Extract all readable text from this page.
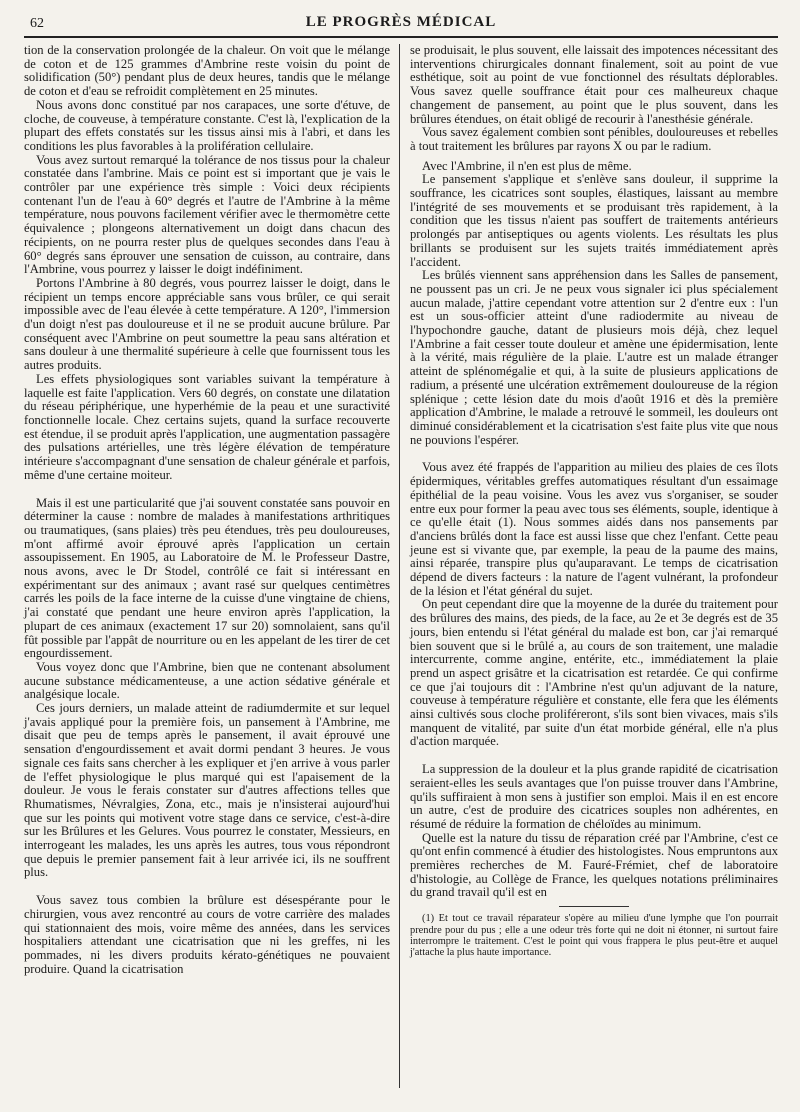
62	LE PROGRÈS MÉDICAL

tion de la conservation prolongée de la chaleur. On voit que le mélange de coton et de 125 grammes d'Ambrine reste voisin du point de solidification (50°) pendant plus de deux heures, tandis que le mélange de coton et d'eau se refroidit complètement en 25 minutes.

Nous avons donc constitué par nos carapaces, une sorte d'étuve, de cloche, de couveuse, à température constante. C'est là, l'explication de la plupart des effets constatés sur les tissus ainsi mis à l'abri, et dans les conditions les plus favorables à la prolifération cellulaire.

Vous avez surtout remarqué la tolérance de nos tissus pour la chaleur constatée dans l'ambrine. Mais ce point est si important que je vais le contrôler par une expérience très simple : Voici deux récipients contenant l'un de l'eau à 60° degrés et l'autre de l'Ambrine à la même température, nous pouvons facilement vérifier avec le thermomètre cette équivalence ; plongeons alternativement un doigt dans chacun des récipients, on ne pourra rester plus de quelques secondes dans l'eau à 60° degrés sans éprouver une sensation de cuisson, au contraire, dans l'Ambrine, vous pourrez y laisser le doigt indéfiniment.

Portons l'Ambrine à 80 degrés, vous pourrez laisser le doigt, dans le récipient un temps encore appréciable sans vous brûler, ce qui serait impossible avec de l'eau élevée à cette température. A 120°, l'immersion d'un doigt n'est pas douloureuse et il ne se produit aucune brûlure. Par conséquent avec l'Ambrine on peut soumettre la peau sans altération et sans douleur à une thermalité supérieure à celle que fournissent tous les autres produits.

Les effets physiologiques sont variables suivant la température à laquelle est faite l'application. Vers 60 degrés, on constate une dilatation du réseau périphérique, une hyperhémie de la peau et une suractivité fonctionnelle locale. Chez certains sujets, quand la surface recouverte est étendue, il se produit après l'application, une augmentation passagère des pulsations artérielles, une très légère élévation de température intérieure s'accompagnant d'une sensation de chaleur générale et parfois, même d'une certaine moiteur.

Mais il est une particularité que j'ai souvent constatée sans pouvoir en déterminer la cause : nombre de malades à manifestations arthritiques ou traumatiques, (sans plaies) très peu étendues, très peu douloureuses, m'ont affirmé avoir éprouvé après l'application un certain assoupissement. En 1905, au Laboratoire de M. le Professeur Dastre, nous avons, avec le Dr Stodel, contrôlé ce fait si intéressant en expérimentant sur des animaux ; avant rasé sur quelques centimètres carrés les poils de la face interne de la cuisse d'une vingtaine de chiens, j'ai constaté que pendant une heure environ après l'application, la plupart de ces animaux (exactement 17 sur 20) somnolaient, sans qu'il fût possible par l'appât de nourriture ou en les appelant de les tirer de cet engourdissement.

Vous voyez donc que l'Ambrine, bien que ne contenant absolument aucune substance médicamenteuse, a une action sédative générale et analgésique locale.

Ces jours derniers, un malade atteint de radiumdermite et sur lequel j'avais appliqué pour la première fois, un pansement à l'Ambrine, me disait que peu de temps après le pansement, il avait éprouvé une sensation d'engourdissement et avait dormi pendant 3 heures. Je vous signale ces faits sans chercher à les expliquer et j'en arrive à vous parler de l'effet physiologique le plus marqué qui est l'apaisement de la douleur. Je vous le ferais constater sur d'autres affections telles que Rhumatismes, Névralgies, Zona, etc., mais je n'insisterai aujourd'hui que sur les points qui motivent votre stage dans ce service, c'est-à-dire sur les Brûlures et les Gelures. Vous pourrez le constater, Messieurs, en interrogeant les malades, les uns après les autres, tous vous répondront que depuis le premier pansement fait à leur arrivée ici, ils ne souffrent plus.

Vous savez tous combien la brûlure est désespérante pour le chirurgien, vous avez rencontré au cours de votre carrière des malades qui stationnaient des mois, voire même des années, dans les services hospitaliers attendant une cicatrisation que ni les greffes, ni les pommades, ni les divers produits kérato-génétiques ne pouvaient produire. Quand la cicatrisation

se produisait, le plus souvent, elle laissait des impotences nécessitant des interventions chirurgicales donnant finalement, soit au point de vue esthétique, soit au point de vue fonctionnel des résultats déplorables. Vous savez quelle souffrance était pour ces malheureux chaque changement de pansement, au point que le plus souvent, dans les brûlures étendues, on était obligé de recourir à l'anesthésie générale.

Vous savez également combien sont pénibles, douloureuses et rebelles à tout traitement les brûlures par rayons X ou par le radium.

Avec l'Ambrine, il n'en est plus de même.

Le pansement s'applique et s'enlève sans douleur, il supprime la souffrance, les cicatrices sont souples, élastiques, laissant au membre l'intégrité de ses mouvements et se produisant très rapidement, à la condition que les tissus n'aient pas souffert de traitements antérieurs prolongés par antiseptiques ou agents violents. Les résultats les plus brillants se produisent sur les sujets traités immédiatement après l'accident.

Les brûlés viennent sans appréhension dans les Salles de pansement, ne poussent pas un cri. Je ne peux vous signaler ici plus spécialement aucun malade, j'attire cependant votre attention sur 2 d'entre eux : l'un est un sous-officier atteint d'une radiodermite au niveau de l'hypochondre gauche, datant de plusieurs mois déjà, chez lequel l'Ambrine a fait cesser toute douleur et amène une épidermisation, lente à la vérité, mais régulière de la plaie. L'autre est un malade étranger atteint de splénomégalie et qui, à la suite de plusieurs applications de radium, a présenté une ulcération extrêmement douloureuse de la région splénique ; cette lésion date du mois d'août 1916 et dès la première application d'Ambrine, le malade a retrouvé le sommeil, les douleurs ont diminué considérablement et la cicatrisation s'est faite plus vite que nous ne pouvions l'espérer.

Vous avez été frappés de l'apparition au milieu des plaies de ces îlots épidermiques, véritables greffes automatiques résultant d'un essaimage épithélial de la peau voisine. Vous les avez vus s'organiser, se souder entre eux pour former la peau avec tous ses éléments, souple, identique à ce qu'elle était (1). Nous sommes aidés dans nos pansements par d'anciens brûlés dont la face est aussi lisse que chez l'enfant. Cette peau jeune est si vivante que, par exemple, la peau de la paume des mains, ainsi réparée, transpire plus qu'auparavant. Le temps de cicatrisation dépend de divers facteurs : la nature de l'agent vulnérant, la profondeur de la lésion et l'état général du sujet.

On peut cependant dire que la moyenne de la durée du traitement pour des brûlures des mains, des pieds, de la face, au 2e et 3e degrés est de 35 jours, bien entendu si l'état général du malade est bon, car j'ai remarqué bien souvent que si le brûlé a, au cours de son traitement, une maladie intercurrente, comme angine, entérite, etc., immédiatement la plaie prend un aspect grisâtre et la cicatrisation est retardée. Ce qui confirme ce que j'ai toujours dit : l'Ambrine n'est qu'un adjuvant de la nature, couveuse à température régulière et constante, elle fera que les éléments ainsi cultivés sous cloche proliféreront, s'ils sont bien vivaces, mais s'ils manquent de vitalité, par suite d'un état morbide général, elle n'a plus d'action marquée.

La suppression de la douleur et la plus grande rapidité de cicatrisation seraient-elles les seuls avantages que l'on puisse trouver dans l'Ambrine, qu'ils suffiraient à mon sens à justifier son emploi. Mais il en est encore un autre, c'est de produire des cicatrices souples non adhérentes, en résumé de réduire la formation de chéloïdes au minimum.

Quelle est la nature du tissu de réparation créé par l'Ambrine, c'est ce qu'ont enfin commencé à étudier des histologistes. Nous empruntons aux premières recherches de M. Fauré-Frémiet, chef de laboratoire d'histologie, au Collège de France, les quelques notations préliminaires du grand travail qu'il est en

(1) Et tout ce travail réparateur s'opère au milieu d'une lymphe que l'on pourrait prendre pour du pus ; elle a une odeur très forte qui ne doit ni étonner, ni surtout faire interrompre le traitement. C'est le point qui vous frappera le plus peut-être et auquel j'attache la plus haute importance.
